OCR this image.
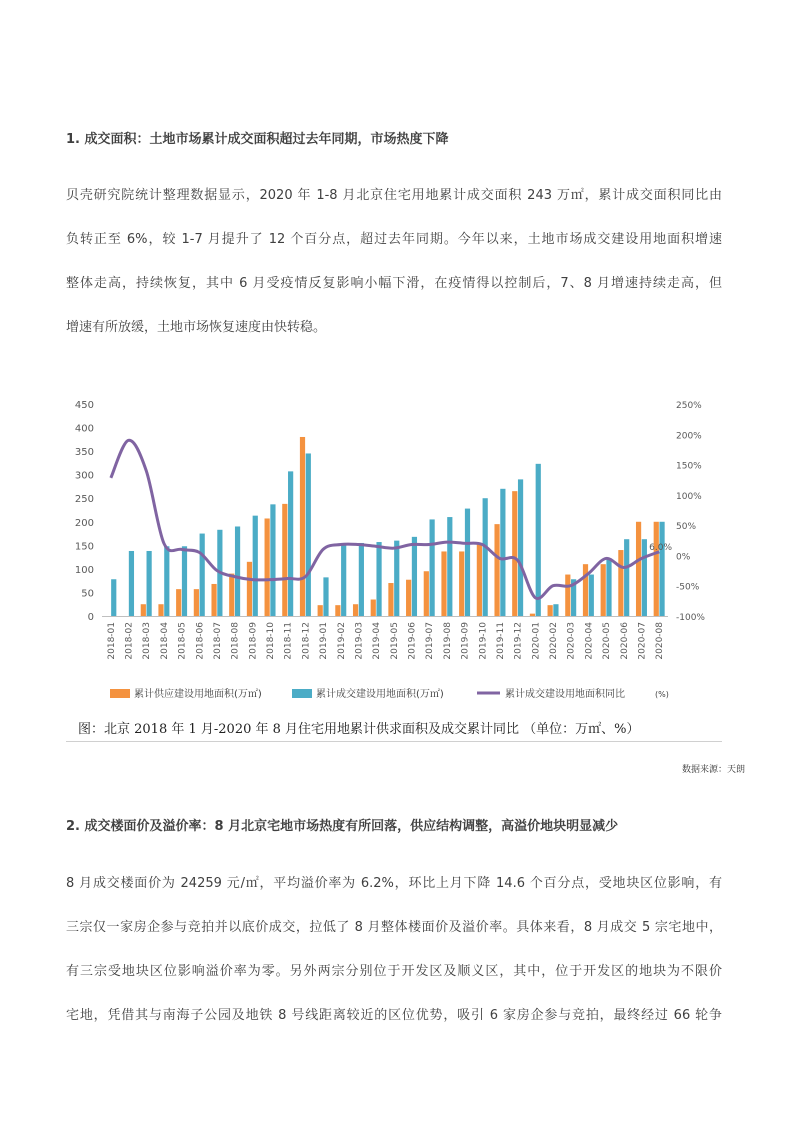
1. 成交面积：土地市场累计成交面积超过去年同期，市场热度下降
贝壳研究院统计整理数据显示，2020 年 1-8 月北京住宅用地累计成交面积 243 万㎡，累计成交面积同比由
负转正至 6%，较 1-7 月提升了 12 个百分点，超过去年同期。今年以来，土地市场成交建设用地面积增速
整体走高，持续恢复，其中 6 月受疫情反复影响小幅下滑，在疫情得以控制后，7、8 月增速持续走高，但
增速有所放缓，土地市场恢复速度由快转稳。
6.0%
0
50
100
150
200
250
300
350
400
450
-100%
-50%
0%
50%
100%
150%
200%
250%
2018-01 2018-02 2018-03 2018-04 2018-05 2018-06 2018-07 2018-08 2018-09 2018-10 2018-11 2018-12 2019-01 2019-02 2019-03 2019-04 2019-05 2019-06 2019-07 2019-08 2019-09 2019-10 2019-11 2019-12 2020-01 2020-02 2020-03 2020-04 2020-05 2020-06 2020-07 2020-08
累计供应建设用地面积(万㎡)	累计成交建设用地面积(万㎡)	累计成交建设用地面积同比	(%)
图：北京 2018 年 1 月-2020 年 8 月住宅用地累计供求面积及成交累计同比 （单位：万㎡、%）
数据来源：天朗
2. 成交楼面价及溢价率：8 月北京宅地市场热度有所回落，供应结构调整，高溢价地块明显减少
8 月成交楼面价为 24259 元/㎡，平均溢价率为 6.2%，环比上月下降 14.6 个百分点，受地块区位影响，有
三宗仅一家房企参与竞拍并以底价成交，拉低了 8 月整体楼面价及溢价率。具体来看，8 月成交 5 宗宅地中，
有三宗受地块区位影响溢价率为零。另外两宗分别位于开发区及顺义区，其中，位于开发区的地块为不限价
宅地，凭借其与南海子公园及地铁 8 号线距离较近的区位优势，吸引 6 家房企参与竞拍，最终经过 66 轮争
